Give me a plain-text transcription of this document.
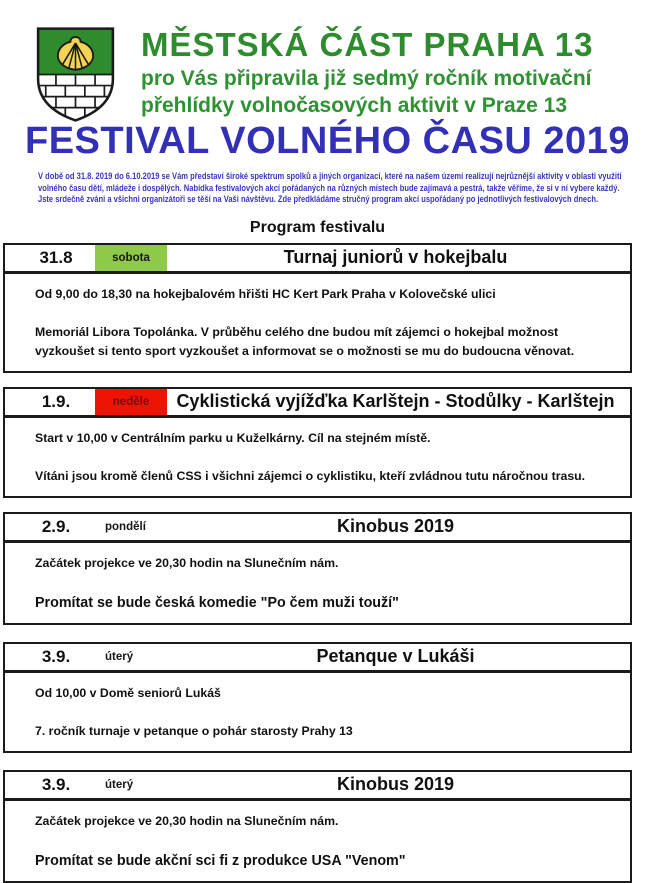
MĚSTSKÁ ČÁST PRAHA 13
pro Vás připravila již sedmý ročník motivační
přehlídky volnočasových aktivit v Praze 13
FESTIVAL VOLNÉHO ČASU 2019
V době od 31.8. 2019 do 6.10.2019 se Vám představí široké spektrum spolků a jiných organizací, které na našem území realizují nejrůznější aktivity v oblasti využití
volného času dětí, mládeže i dospělých. Nabídka festivalových akcí pořádaných na různých místech bude zajímavá a pestrá, takže věříme, že si v ní vybere každý.
Jste srdečně zváni a všichni organizátoři se těší na Vaši návštěvu. Zde předkládáme stručný program akcí uspořádaný po jednotlivých festivalových dnech.
Program festivalu
31.8	sobota	Turnaj juniorů v hokejbalu

Od 9,00 do 18,30 na hokejbalovém hřišti HC Kert Park Praha v Kolovečské ulici

Memoriál Libora Topolánka. V průběhu celého dne budou mít zájemci o hokejbal možnost vyzkoušet si tento sport vyzkoušet a informovat se o možnosti se mu do budoucna věnovat.

1.9.	neděle	Cyklistická vyjížďka Karlštejn - Stodůlky - Karlštejn

Start v 10,00 v Centrálním parku u Kuželkárny. Cíl na stejném místě.

Vítáni jsou kromě členů CSS i všichni zájemci o cyklistiku, kteří zvládnou tutu náročnou trasu.

2.9.	pondělí	Kinobus 2019

Začátek projekce ve 20,30 hodin na Slunečním nám.

Promítat se bude česká komedie "Po čem muži touží"

3.9.	úterý	Petanque v Lukáši

Od 10,00 v Domě seniorů Lukáš

7. ročník turnaje v petanque o pohár starosty Prahy 13

3.9.	úterý	Kinobus 2019

Začátek projekce ve 20,30 hodin na Slunečním nám.

Promítat se bude akční sci fi z produkce USA "Venom"
